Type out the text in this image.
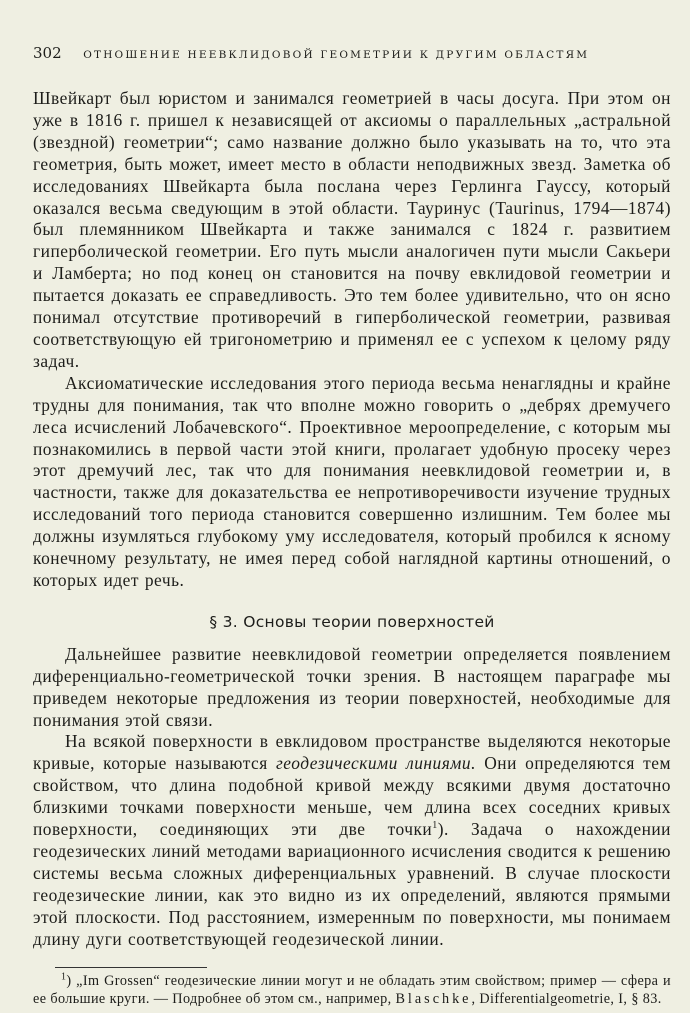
302 ОТНОШЕНИЕ НЕЕВКЛИДОВОЙ ГЕОМЕТРИИ К ДРУГИМ ОБЛАСТЯМ

Швейкарт был юристом и занимался геометрией в часы досуга. При этом он уже в 1816 г. пришел к независящей от аксиомы о параллельных „астральной (звездной) геометрии“; само название должно было указывать на то, что эта геометрия, быть может, имеет место в области неподвижных звезд. Заметка об исследованиях Швейкарта была послана через Герлинга Гауссу, который оказался весьма сведующим в этой области. Тауринус (Taurinus, 1794—1874) был племянником Швейкарта и также занимался с 1824 г. развитием гиперболической геометрии. Его путь мысли аналогичен пути мысли Сакьери и Ламберта; но под конец он становится на почву евклидовой геометрии и пытается доказать ее справедливость. Это тем более удивительно, что он ясно понимал отсутствие противоречий в гиперболической геометрии, развивая соответствующую ей тригонометрию и применял ее с успехом к целому ряду задач.

Аксиоматические исследования этого периода весьма ненаглядны и крайне трудны для понимания, так что вполне можно говорить о „дебрях дремучего леса исчислений Лобачевского“. Проективное мероопределение, с которым мы познакомились в первой части этой книги, пролагает удобную просеку через этот дремучий лес, так что для понимания неевклидовой геометрии и, в частности, также для доказательства ее непротиворечивости изучение трудных исследований того периода становится совершенно излишним. Тем более мы должны изумляться глубокому уму исследователя, который пробился к ясному конечному результату, не имея перед собой наглядной картины отношений, о которых идет речь.

§ 3. Основы теории поверхностей

Дальнейшее развитие неевклидовой геометрии определяется появлением диференциально-геометрической точки зрения. В настоящем параграфе мы приведем некоторые предложения из теории поверхностей, необходимые для понимания этой связи.

На всякой поверхности в евклидовом пространстве выделяются некоторые кривые, которые называются геодезическими линиями. Они определяются тем свойством, что длина подобной кривой между всякими двумя достаточно близкими точками поверхности меньше, чем длина всех соседних кривых поверхности, соединяющих эти две точки$^1$). Задача о нахождении геодезических линий методами вариационного исчисления сводится к решению системы весьма сложных диференциальных уравнений. В случае плоскости геодезические линии, как это видно из их определений, являются прямыми этой плоскости. Под расстоянием, измеренным по поверхности, мы понимаем длину дуги соответствующей геодезической линии.

$^1$) „Im Grossen“ геодезические линии могут и не обладать этим свойством; пример — сфера и ее большие круги. — Подробнее об этом см., например, Blaschke, Differentialgeometrie, I, § 83.
